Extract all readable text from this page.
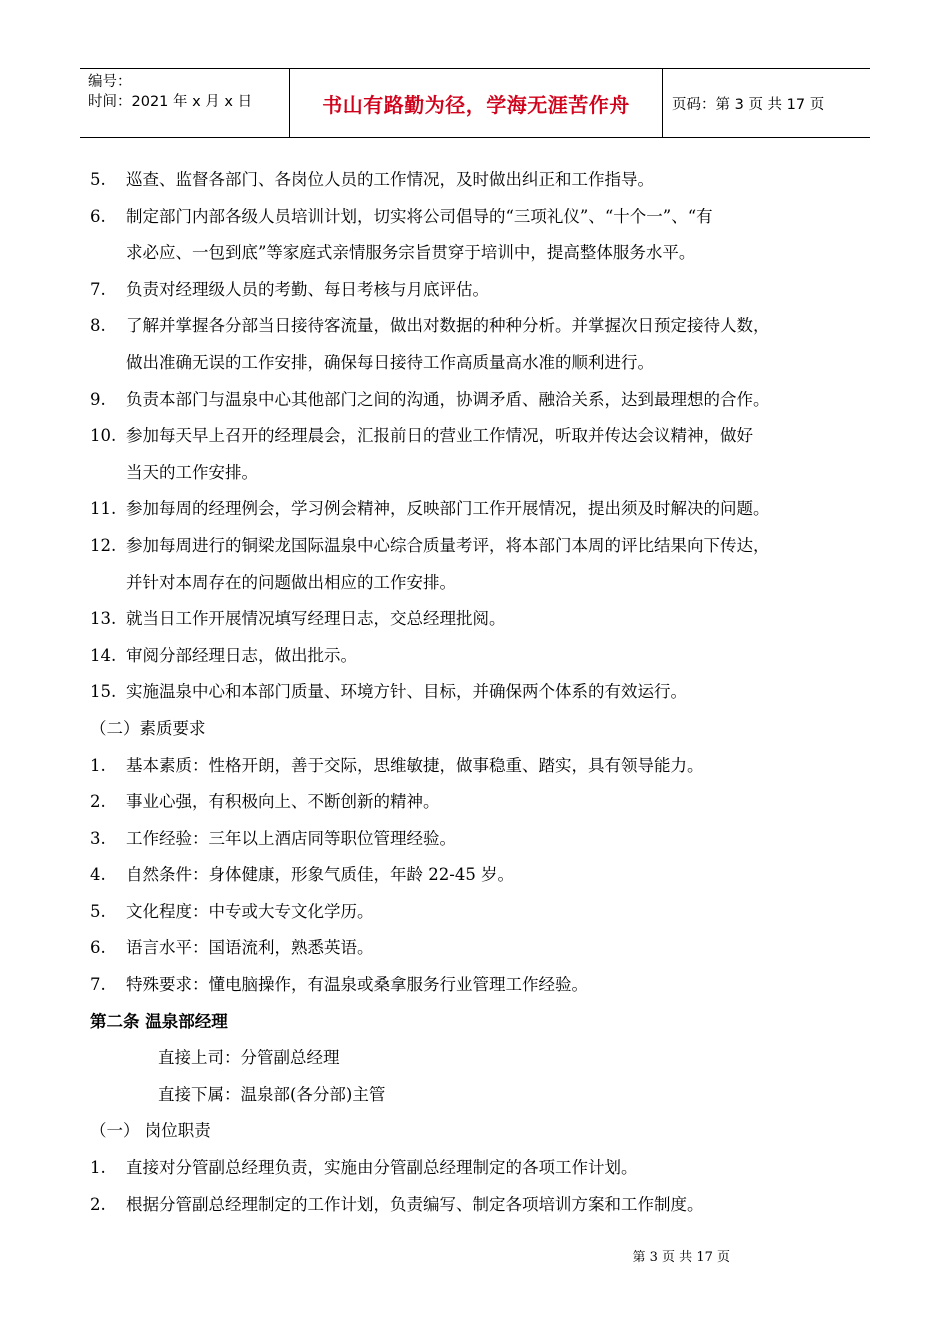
编号：
时间：2021 年 x 月 x 日	书山有路勤为径，学海无涯苦作舟	页码：第 3 页 共 17 页
5. 巡查、监督各部门、各岗位人员的工作情况，及时做出纠正和工作指导。
6. 制定部门内部各级人员培训计划，切实将公司倡导的“三项礼仪”、“十个一”、“有
求必应、一包到底”等家庭式亲情服务宗旨贯穿于培训中，提高整体服务水平。
7. 负责对经理级人员的考勤、每日考核与月底评估。
8. 了解并掌握各分部当日接待客流量，做出对数据的种种分析。并掌握次日预定接待人数，
做出准确无误的工作安排，确保每日接待工作高质量高水准的顺利进行。
9. 负责本部门与温泉中心其他部门之间的沟通，协调矛盾、融洽关系，达到最理想的合作。
10. 参加每天早上召开的经理晨会，汇报前日的营业工作情况，听取并传达会议精神，做好
当天的工作安排。
11. 参加每周的经理例会，学习例会精神，反映部门工作开展情况，提出须及时解决的问题。
12. 参加每周进行的铜梁龙国际温泉中心综合质量考评，将本部门本周的评比结果向下传达，
并针对本周存在的问题做出相应的工作安排。
13. 就当日工作开展情况填写经理日志，交总经理批阅。
14. 审阅分部经理日志，做出批示。
15. 实施温泉中心和本部门质量、环境方针、目标，并确保两个体系的有效运行。
（二）素质要求
1. 基本素质：性格开朗，善于交际，思维敏捷，做事稳重、踏实，具有领导能力。
2. 事业心强，有积极向上、不断创新的精神。
3. 工作经验：三年以上酒店同等职位管理经验。
4. 自然条件：身体健康，形象气质佳，年龄 22-45 岁。
5. 文化程度：中专或大专文化学历。
6. 语言水平：国语流利，熟悉英语。
7. 特殊要求：懂电脑操作，有温泉或桑拿服务行业管理工作经验。
第二条 温泉部经理
直接上司：分管副总经理
直接下属：温泉部(各分部)主管
（一） 岗位职责
1. 直接对分管副总经理负责，实施由分管副总经理制定的各项工作计划。
2. 根据分管副总经理制定的工作计划，负责编写、制定各项培训方案和工作制度。
第 3 页 共 17 页
